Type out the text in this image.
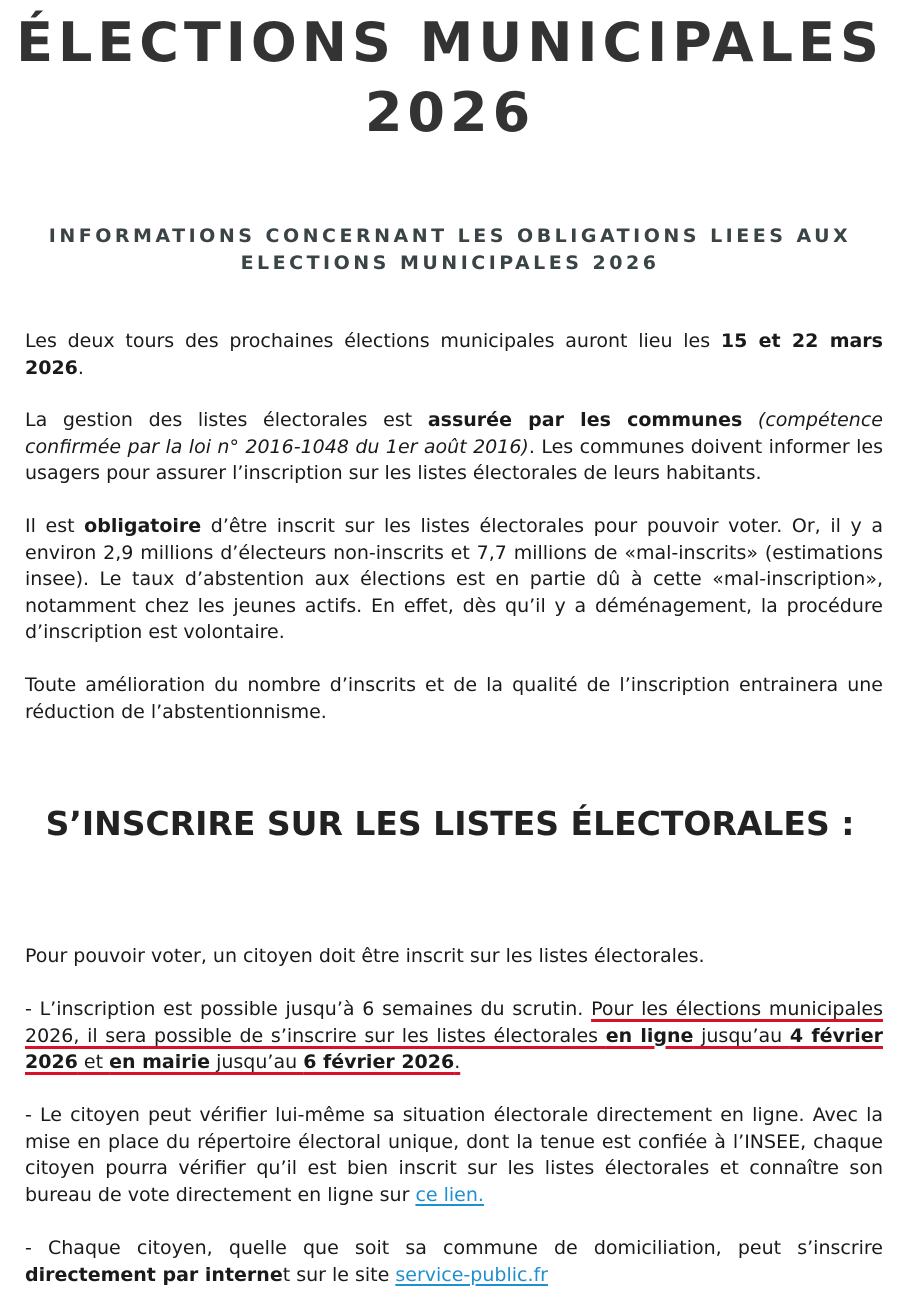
ÉLECTIONS MUNICIPALES
2026
INFORMATIONS CONCERNANT LES OBLIGATIONS LIEES AUX
ELECTIONS MUNICIPALES 2026

Les deux tours des prochaines élections municipales auront lieu les 15 et 22 mars 2026.

La gestion des listes électorales est assurée par les communes (compétence confirmée par la loi n° 2016-1048 du 1er août 2016). Les communes doivent informer les usagers pour assurer l’inscription sur les listes électorales de leurs habitants.

Il est obligatoire d’être inscrit sur les listes électorales pour pouvoir voter. Or, il y a environ 2,9 millions d’électeurs non-inscrits et 7,7 millions de «mal-inscrits» (estimations insee). Le taux d’abstention aux élections est en partie dû à cette «mal-inscription», notamment chez les jeunes actifs. En effet, dès qu’il y a déménagement, la procédure d’inscription est volontaire.

Toute amélioration du nombre d’inscrits et de la qualité de l’inscription entrainera une réduction de l’abstentionnisme.

S’INSCRIRE SUR LES LISTES ÉLECTORALES :

Pour pouvoir voter, un citoyen doit être inscrit sur les listes électorales.

- L’inscription est possible jusqu’à 6 semaines du scrutin. Pour les élections municipales 2026, il sera possible de s’inscrire sur les listes électorales en ligne jusqu’au 4 février 2026 et en mairie jusqu’au 6 février 2026.

- Le citoyen peut vérifier lui-même sa situation électorale directement en ligne. Avec la mise en place du répertoire électoral unique, dont la tenue est confiée à l’INSEE, chaque citoyen pourra vérifier qu’il est bien inscrit sur les listes électorales et connaître son bureau de vote directement en ligne sur ce lien.

- Chaque citoyen, quelle que soit sa commune de domiciliation, peut s’inscrire directement par internet sur le site service-public.fr
